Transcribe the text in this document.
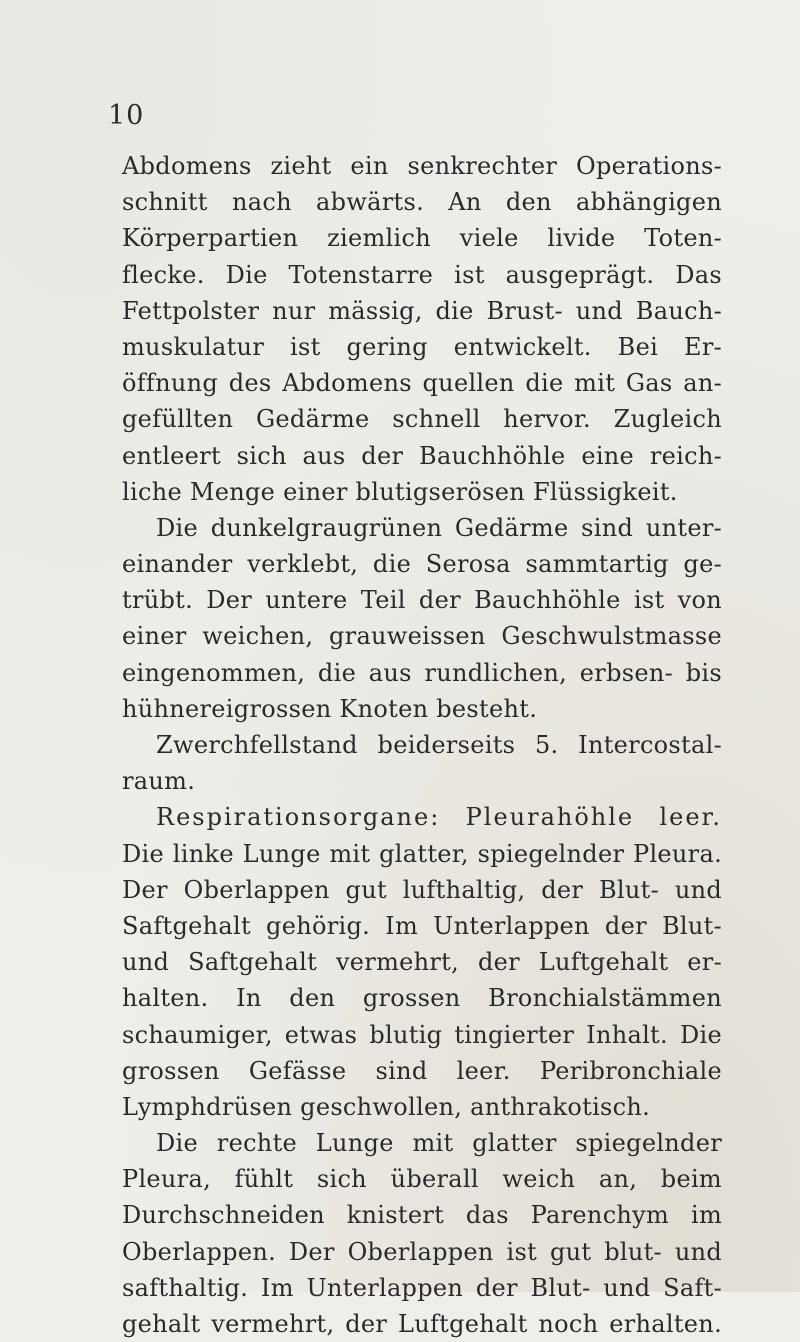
10
Abdomens zieht ein senkrechter Operations-
schnitt nach abwärts. An den abhängigen
Körperpartien ziemlich viele livide Toten-
flecke. Die Totenstarre ist ausgeprägt. Das
Fettpolster nur mässig, die Brust- und Bauch-
muskulatur ist gering entwickelt. Bei Er-
öffnung des Abdomens quellen die mit Gas an-
gefüllten Gedärme schnell hervor. Zugleich
entleert sich aus der Bauchhöhle eine reich-
liche Menge einer blutigserösen Flüssigkeit.
Die dunkelgraugrünen Gedärme sind unter-
einander verklebt, die Serosa sammtartig ge-
trübt. Der untere Teil der Bauchhöhle ist von
einer weichen, grauweissen Geschwulstmasse
eingenommen, die aus rundlichen, erbsen- bis
hühnereigrossen Knoten besteht.
Zwerchfellstand beiderseits 5. Intercostal-
raum.
Respirationsorgane: Pleurahöhle leer.
Die linke Lunge mit glatter, spiegelnder Pleura.
Der Oberlappen gut lufthaltig, der Blut- und
Saftgehalt gehörig. Im Unterlappen der Blut-
und Saftgehalt vermehrt, der Luftgehalt er-
halten. In den grossen Bronchialstämmen
schaumiger, etwas blutig tingierter Inhalt. Die
grossen Gefässe sind leer. Peribronchiale
Lymphdrüsen geschwollen, anthrakotisch.
Die rechte Lunge mit glatter spiegelnder
Pleura, fühlt sich überall weich an, beim
Durchschneiden knistert das Parenchym im
Oberlappen. Der Oberlappen ist gut blut- und
safthaltig. Im Unterlappen der Blut- und Saft-
gehalt vermehrt, der Luftgehalt noch erhalten.
